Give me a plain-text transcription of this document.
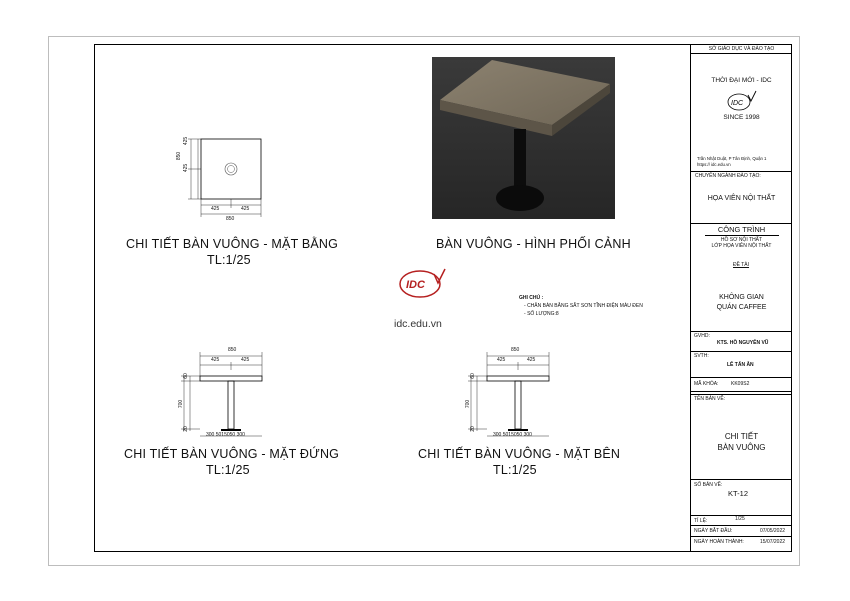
425
425
850
425	425
850
CHI TIẾT BÀN VUÔNG - MẶT BẰNG
TL:1/25
BÀN VUÔNG - HÌNH PHỐI CẢNH
IDC
idc.edu.vn
GHI CHÚ :
- CHÂN BÀN BẰNG SẮT SƠN TĨNH ĐIỆN MÀU ĐEN
- SỐ LƯỢNG:8
850
425	425
60
700
20
300 5015050 300
CHI TIẾT BÀN VUÔNG - MẶT ĐỨNG
TL:1/25
850
425	425
60
700
20
300 5015050 300
CHI TIẾT BÀN VUÔNG - MẶT BÊN
TL:1/25
SỞ GIÁO DỤC VÀ ĐÀO TẠO
THỜI ĐẠI MỚI - IDC
IDC
SINCE 1998
Trần Nhật Duật, P Tân Định, Quận 1
https:// idc.edu.vn
CHUYÊN NGÀNH ĐÀO TẠO:
HỌA VIÊN NỘI THẤT
CÔNG TRÌNH
HỒ SƠ NỘI THẤT
LỚP HỌA VIÊN NỘI THẤT
ĐỀ TÀI
KHÔNG GIAN
QUÁN CAFFEE
GVHD:
KTS. HỒ NGUYÊN VŨ
SVTH:
LÊ TẤN ÂN
MÃ KHÓA:	KK09S2
TÊN BẢN VẼ:
CHI TIẾT
BÀN VUÔNG
SỐ BẢN VẼ:
KT-12
TỈ LỆ:	1/25
NGÀY BẮT ĐẦU:	07/05/2022
NGÀY HOÀN THÀNH:	15/07/2022
